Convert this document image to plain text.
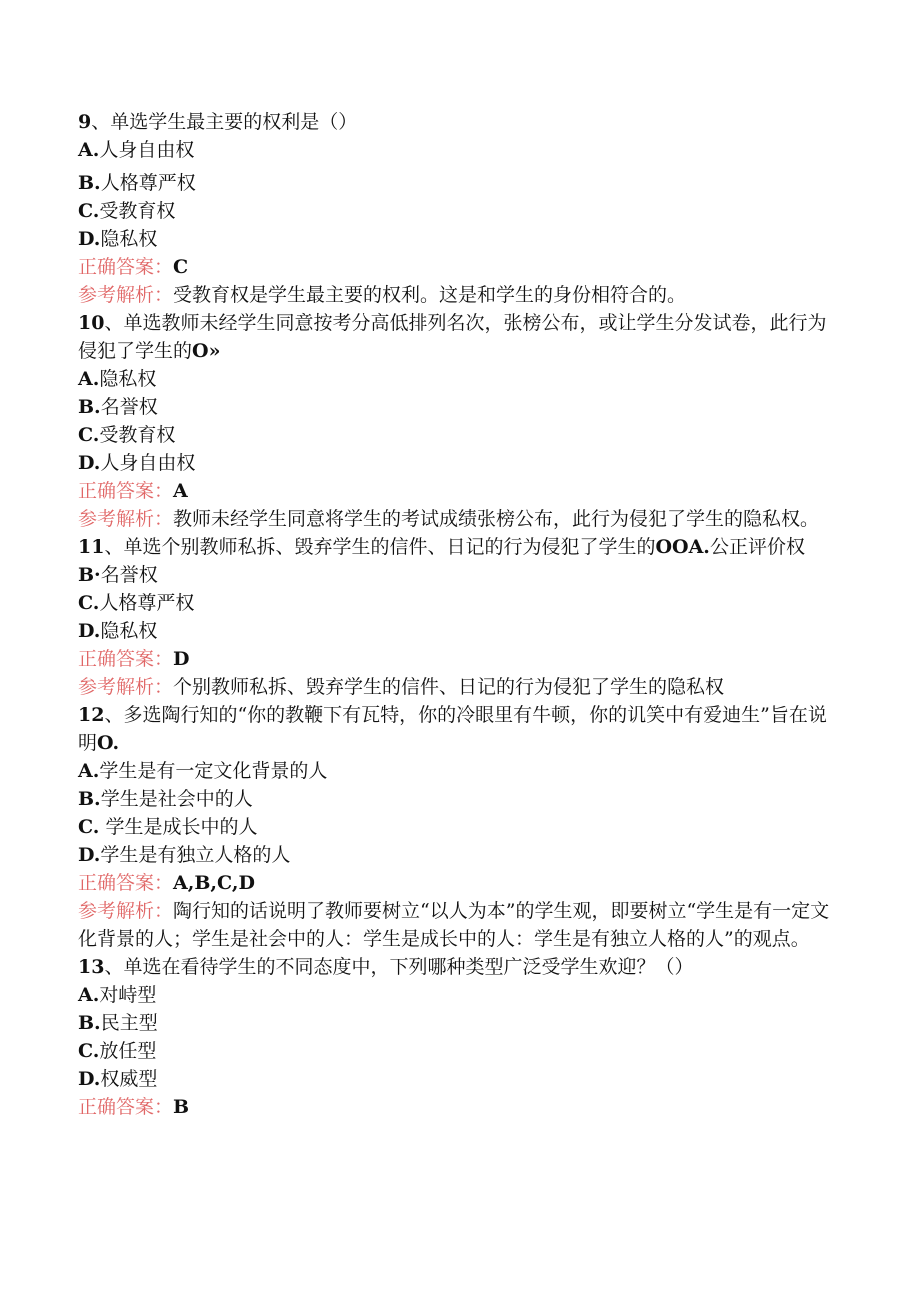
9、单选学生最主要的权利是（）
A.人身自由权
B.人格尊严权
C.受教育权
D.隐私权
正确答案：C
参考解析：受教育权是学生最主要的权利。这是和学生的身份相符合的。
10、单选教师未经学生同意按考分高低排列名次，张榜公布，或让学生分发试卷，此行为侵犯了学生的O»
A.隐私权
B.名誉权
C.受教育权
D.人身自由权
正确答案：A
参考解析：教师未经学生同意将学生的考试成绩张榜公布，此行为侵犯了学生的隐私权。
11、单选个别教师私拆、毁弃学生的信件、日记的行为侵犯了学生的OOA.公正评价权
B·名誉权
C.人格尊严权
D.隐私权
正确答案：D
参考解析：个别教师私拆、毁弃学生的信件、日记的行为侵犯了学生的隐私权
12、多选陶行知的“你的教鞭下有瓦特，你的冷眼里有牛顿，你的讥笑中有爱迪生”旨在说明O.
A.学生是有一定文化背景的人
B.学生是社会中的人
C. 学生是成长中的人
D.学生是有独立人格的人
正确答案：A,B,C,D
参考解析：陶行知的话说明了教师要树立“以人为本”的学生观，即要树立“学生是有一定文化背景的人；学生是社会中的人：学生是成长中的人：学生是有独立人格的人”的观点。
13、单选在看待学生的不同态度中，下列哪种类型广泛受学生欢迎？（）
A.对峙型
B.民主型
C.放任型
D.权威型
正确答案：B
